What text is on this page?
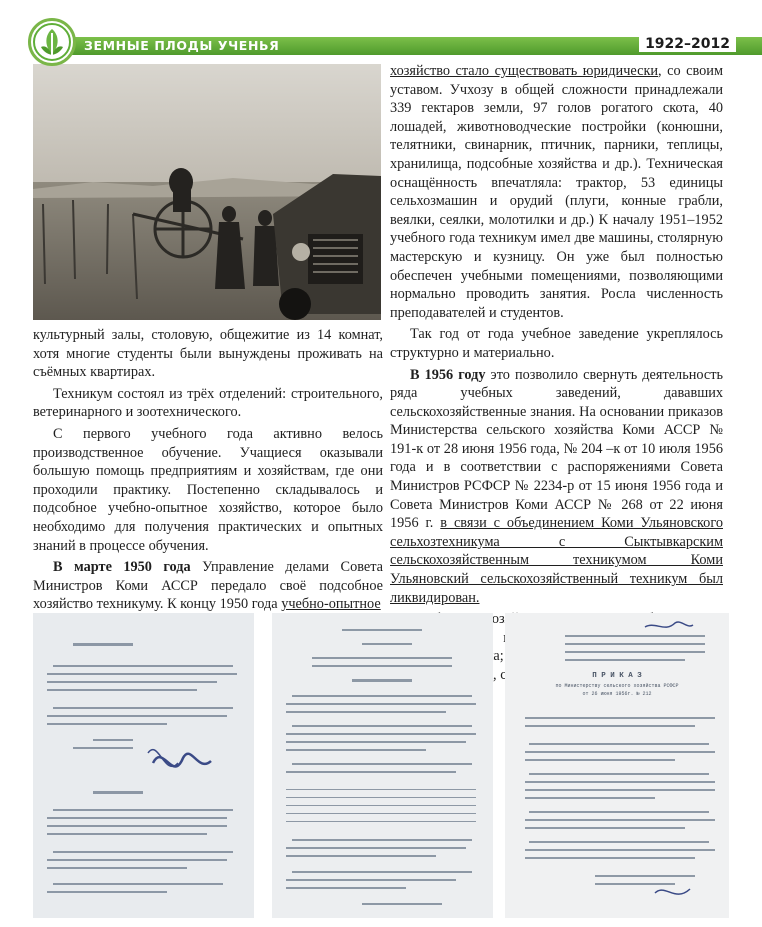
ЗЕМНЫЕ ПЛОДЫ УЧЕНЬЯ	1922–2012

культурный залы, столовую, общежитие из 14 комнат, хотя многие студенты были вынуждены проживать на съёмных квартирах.

Техникум состоял из трёх отделений: строительного, ветеринарного и зоотехнического.

С первого учебного года активно велось производственное обучение. Учащиеся оказывали большую помощь предприятиям и хозяйствам, где они проходили практику. Постепенно складывалось и подсобное учебно-опытное хозяйство, которое было необходимо для получения практических и опытных знаний в процессе обучения.

В марте 1950 года Управление делами Совета Министров Коми АССР передало своё подсобное хозяйство техникуму. К концу 1950 года учебно-опытное

хозяйство стало существовать юридически, со своим уставом. Учхозу в общей сложности принадлежали 339 гектаров земли, 97 голов рогатого скота, 40 лошадей, животноводческие постройки (конюшни, телятники, свинарник, птичник, парники, теплицы, хранилища, подсобные хозяйства и др.). Техническая оснащённость впечатляла: трактор, 53 единицы сельхозмашин и орудий (плуги, конные грабли, веялки, сеялки, молотилки и др.) К началу 1951–1952 учебного года техникум имел две машины, столярную мастерскую и кузницу. Он уже был полностью обеспечен учебными помещениями, позволяющими нормально проводить занятия. Росла численность преподавателей и студентов.

Так год от года учебное заведение укреплялось структурно и материально.

В 1956 году это позволило свернуть деятельность ряда учебных заведений, дававших сельскохозяйственные знания. На основании приказов Министерства сельского хозяйства Коми АССР № 191-к от 28 июня 1956 года, № 204 –к от 10 июля 1956 года и в соответствии с распоряжениями Совета Министров РСФСР № 2234-р от 15 июня 1956 года и Совета Министров Коми АССР № 268 от 22 июня 1956 г. в связи с объединением Коми Ульяновского сельхозтехникума с Сыктывкарским сельскохозяйственным техникумом Коми Ульяновский сельскохозяйственный техникум был ликвидирован.

П Р И К А З
по Министерству сельского хозяйства РСФСР
от 26 июня 1956г. № 212
